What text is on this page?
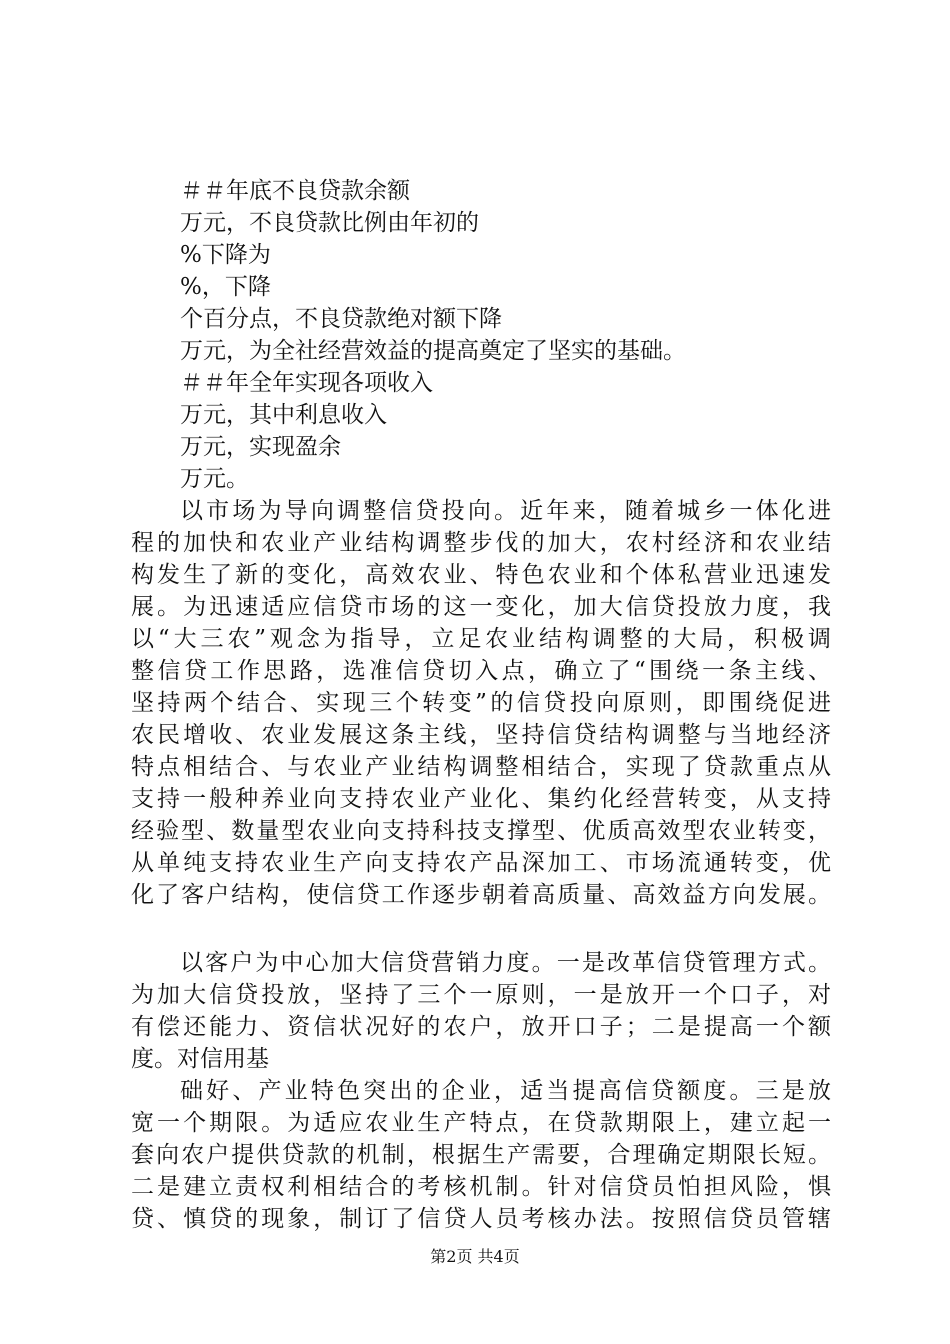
＃＃年底不良贷款余额
万元，不良贷款比例由年初的
%下降为
%，下降
个百分点，不良贷款绝对额下降
万元，为全社经营效益的提高奠定了坚实的基础。
＃＃年全年实现各项收入
万元，其中利息收入
万元，实现盈余
万元。
以市场为导向调整信贷投向。近年来，随着城乡一体化进
程的加快和农业产业结构调整步伐的加大，农村经济和农业结
构发生了新的变化，高效农业、特色农业和个体私营业迅速发
展。为迅速适应信贷市场的这一变化，加大信贷投放力度，我
以“大三农”观念为指导，立足农业结构调整的大局，积极调
整信贷工作思路，选准信贷切入点，确立了“围绕一条主线、
坚持两个结合、实现三个转变”的信贷投向原则，即围绕促进
农民增收、农业发展这条主线，坚持信贷结构调整与当地经济
特点相结合、与农业产业结构调整相结合，实现了贷款重点从
支持一般种养业向支持农业产业化、集约化经营转变，从支持
经验型、数量型农业向支持科技支撑型、优质高效型农业转变，
从单纯支持农业生产向支持农产品深加工、市场流通转变，优
化了客户结构，使信贷工作逐步朝着高质量、高效益方向发展。
以客户为中心加大信贷营销力度。一是改革信贷管理方式。
为加大信贷投放，坚持了三个一原则，一是放开一个口子，对
有偿还能力、资信状况好的农户，放开口子；二是提高一个额
度。对信用基
础好、产业特色突出的企业，适当提高信贷额度。三是放
宽一个期限。为适应农业生产特点，在贷款期限上，建立起一
套向农户提供贷款的机制，根据生产需要，合理确定期限长短。
二是建立责权利相结合的考核机制。针对信贷员怕担风险，惧
贷、慎贷的现象，制订了信贷人员考核办法。按照信贷员管辖
第2页 共4页
